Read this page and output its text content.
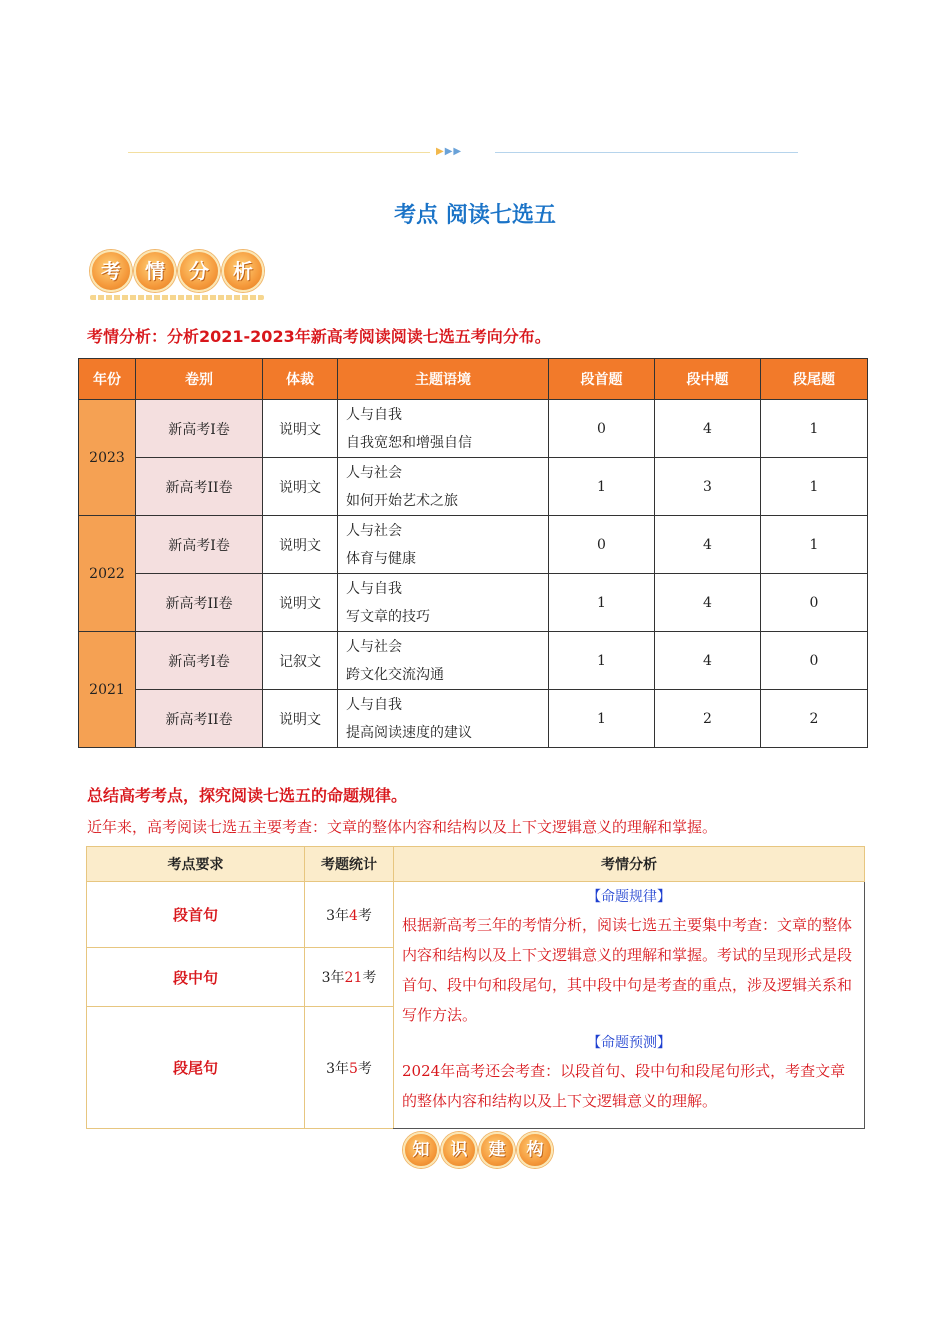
▶▶▶
考点 阅读七选五
考	情	分	析
考情分析：分析2021-2023年新高考阅读阅读七选五考向分布。
年份	卷别	体裁	主题语境	段首题	段中题	段尾题
2023	新高考I卷	说明文	人与自我
自我宽恕和增强自信	0	4	1
	新高考II卷	说明文	人与社会
如何开始艺术之旅	1	3	1
2022	新高考I卷	说明文	人与社会
体育与健康	0	4	1
	新高考II卷	说明文	人与自我
写文章的技巧	1	4	0
2021	新高考I卷	记叙文	人与社会
跨文化交流沟通	1	4	0
	新高考II卷	说明文	人与自我
提高阅读速度的建议	1	2	2
总结高考考点，探究阅读七选五的命题规律。
近年来，高考阅读七选五主要考查：文章的整体内容和结构以及上下文逻辑意义的理解和掌握。
考点要求	考题统计	考情分析
段首句	3年4考	【命题规律】

根据新高考三年的考情分析，阅读七选五主要集中考查：文章的整体内容和结构以及上下文逻辑意义的理解和掌握。考试的呈现形式是段首句、段中句和段尾句，其中段中句是考查的重点，涉及逻辑关系和写作方法。

【命题预测】

2024年高考还会考查：以段首句、段中句和段尾句形式，考查文章的整体内容和结构以及上下文逻辑意义的理解。

段中句	3年21考	
段尾句	3年5考	
知	识	建	构
